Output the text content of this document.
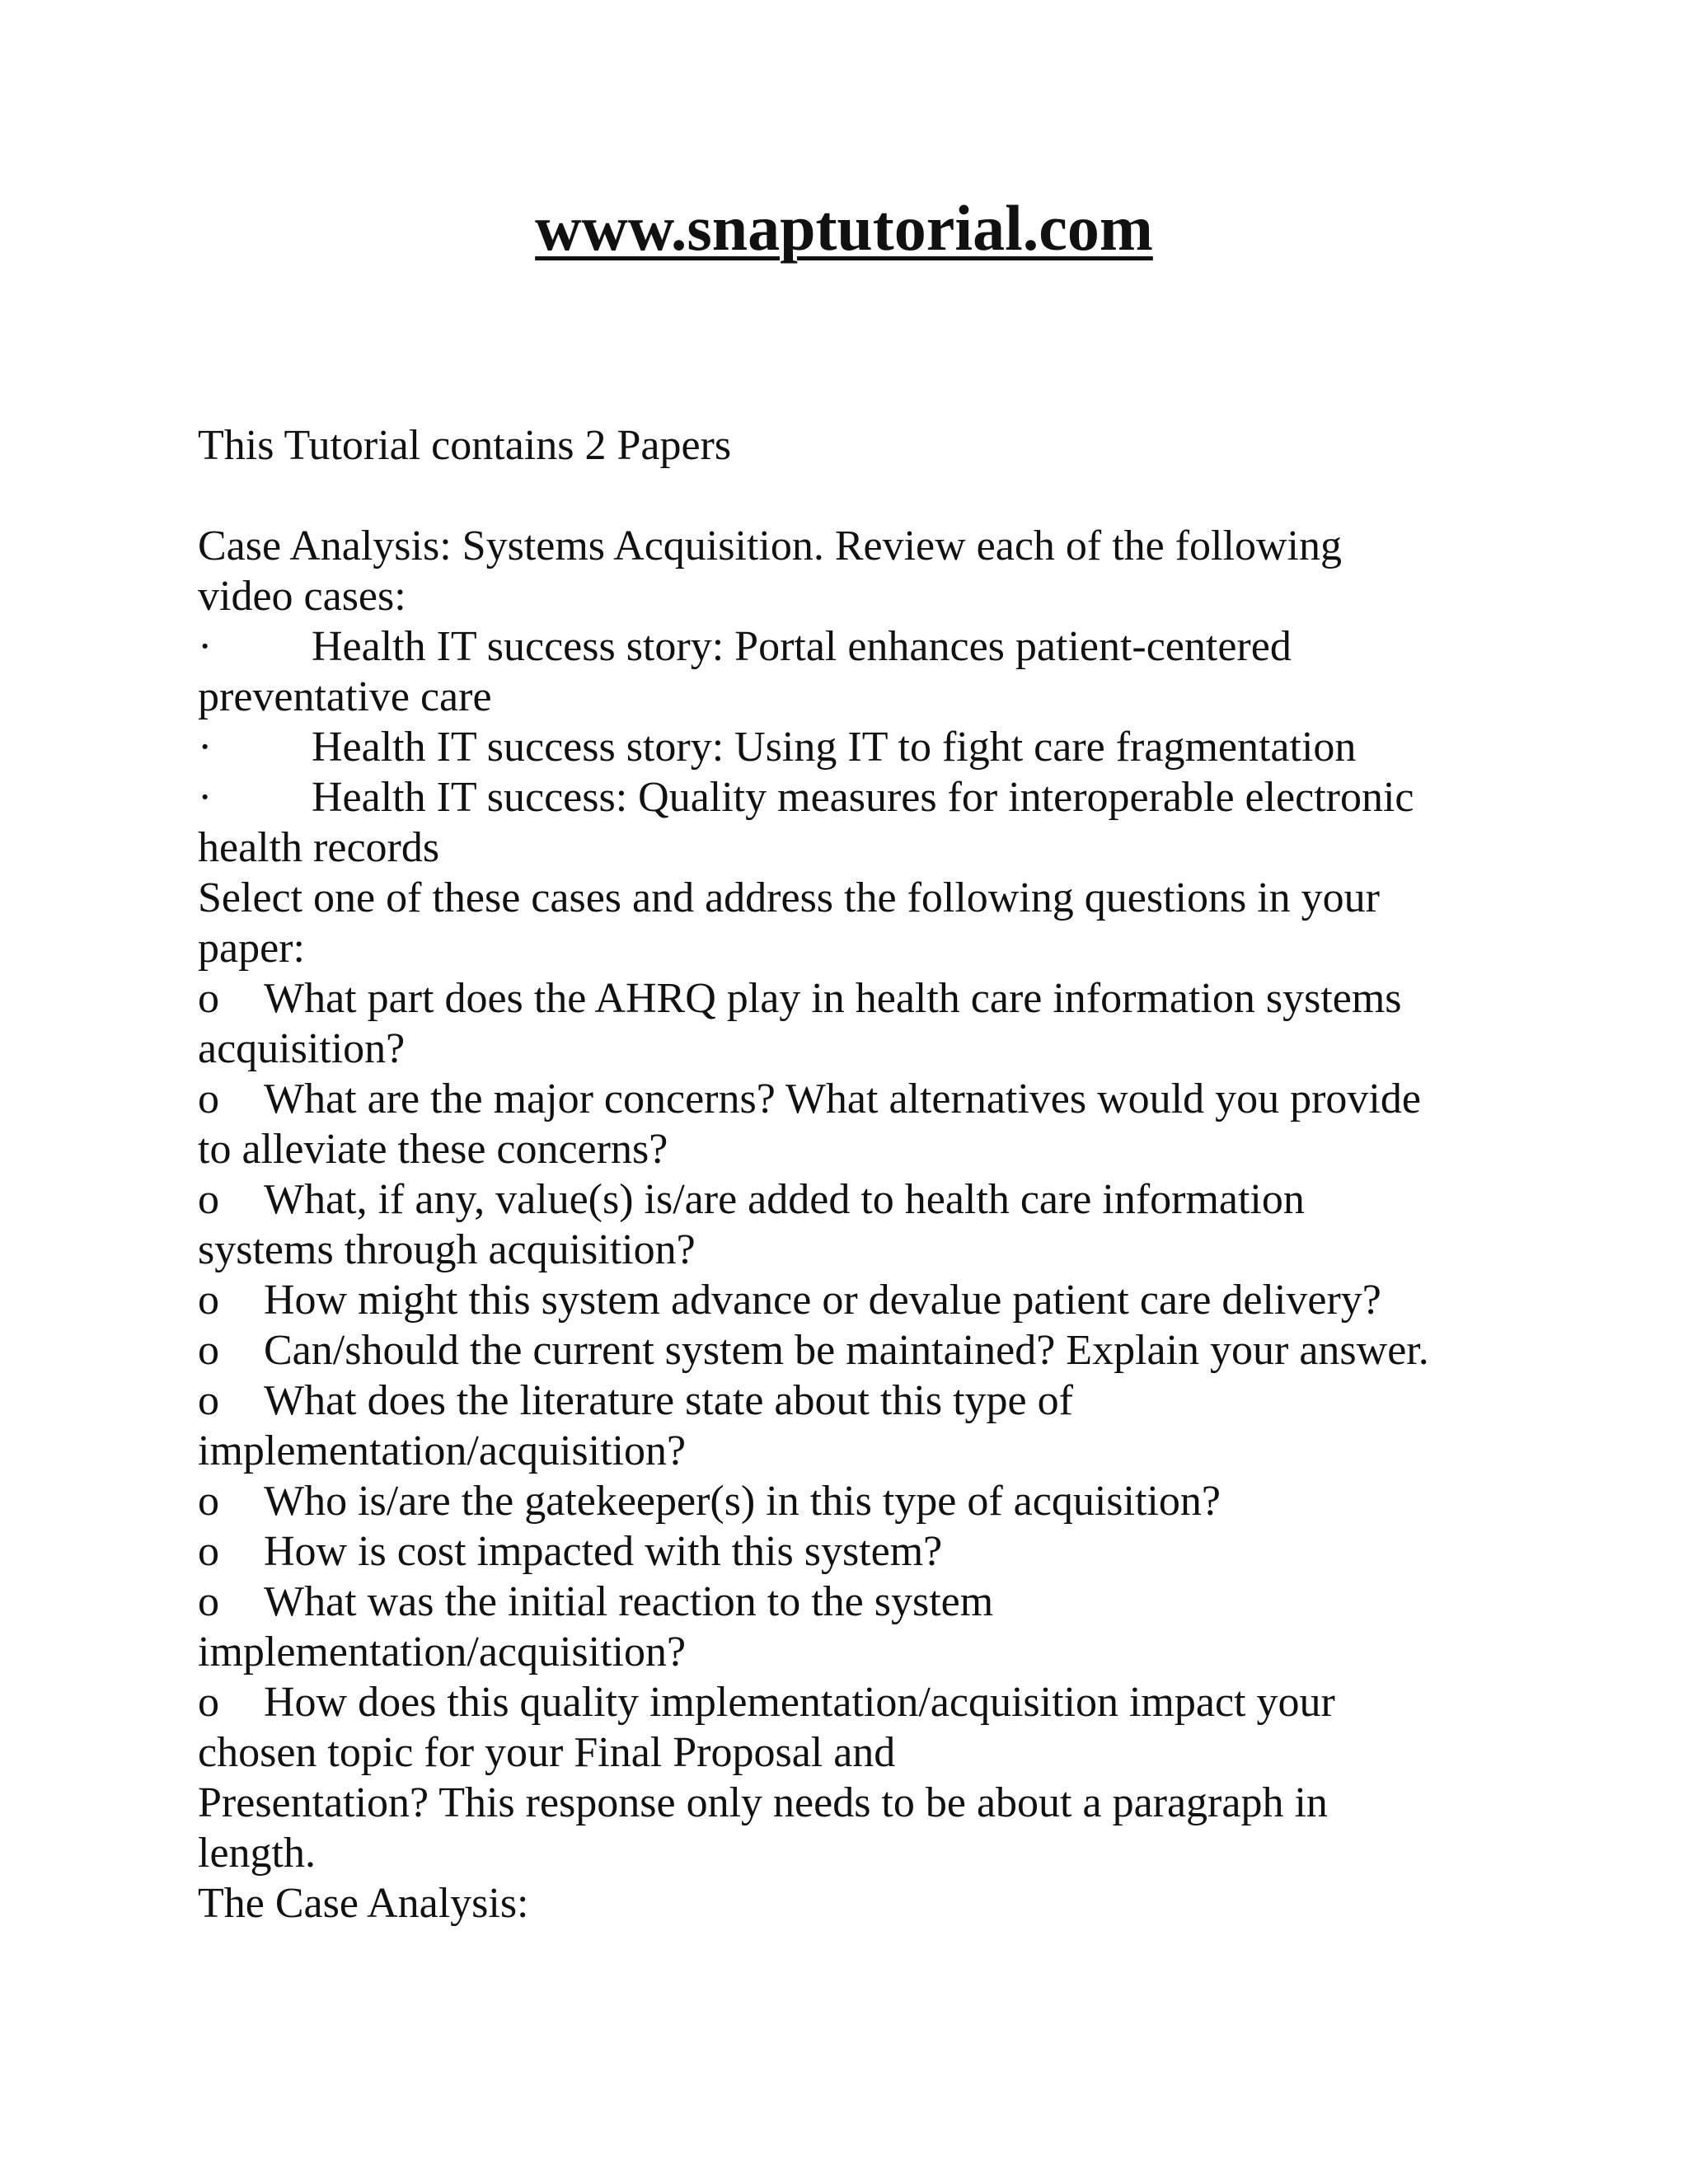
www.snaptutorial.com

This Tutorial contains 2 Papers

Case Analysis: Systems Acquisition. Review each of the following

video cases:

· Health IT success story: Portal enhances patient-centered

preventative care

· Health IT success story: Using IT to fight care fragmentation

· Health IT success: Quality measures for interoperable electronic

health records

Select one of these cases and address the following questions in your

paper:

o What part does the AHRQ play in health care information systems

acquisition?

o What are the major concerns? What alternatives would you provide

to alleviate these concerns?

o What, if any, value(s) is/are added to health care information

systems through acquisition?

o How might this system advance or devalue patient care delivery?

o Can/should the current system be maintained? Explain your answer.

o What does the literature state about this type of

implementation/acquisition?

o Who is/are the gatekeeper(s) in this type of acquisition?

o How is cost impacted with this system?

o What was the initial reaction to the system

implementation/acquisition?

o How does this quality implementation/acquisition impact your

chosen topic for your Final Proposal and

Presentation? This response only needs to be about a paragraph in

length.

The Case Analysis:
